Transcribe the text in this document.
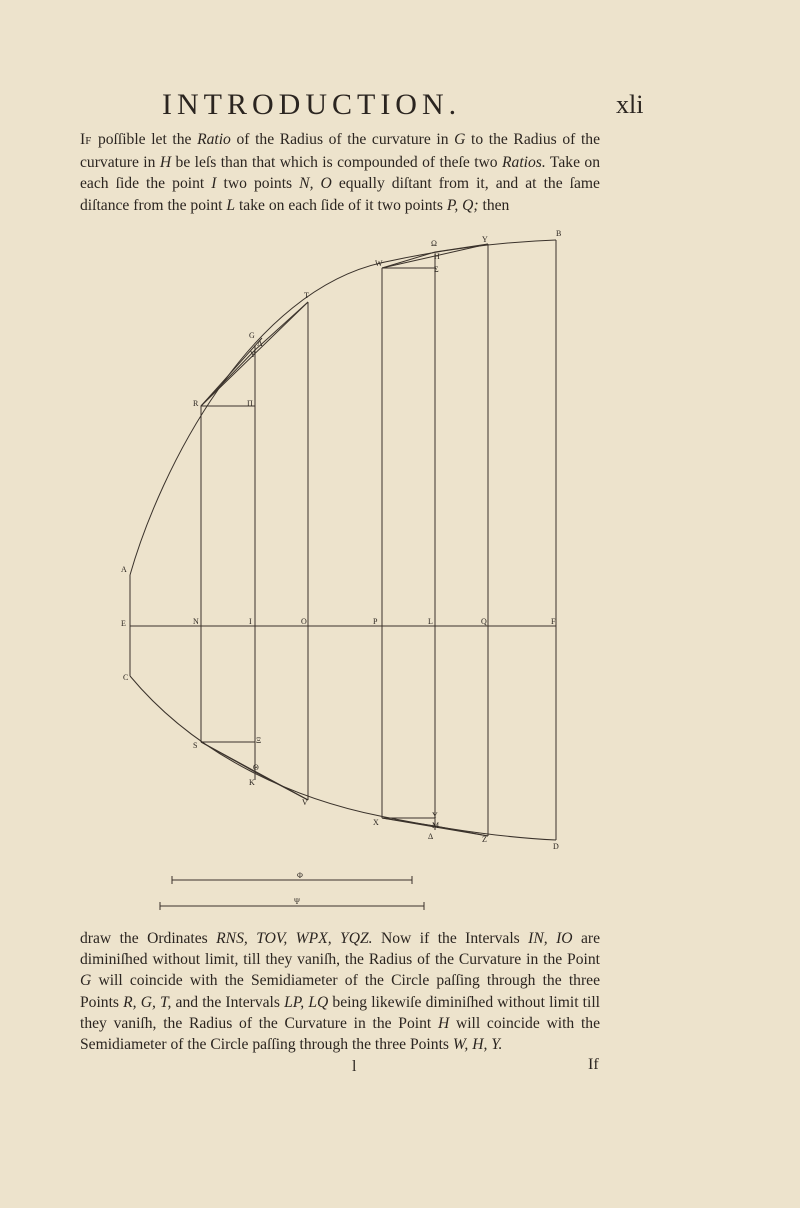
INTRODUCTION.	xli

IF poſſible let the Ratio of the Radius of the curvature in G to the Radius of the curvature in H be leſs than that which is compounded of theſe two Ratios. Take on each ſide the point I two points N, O equally diſtant from it, and at the ſame diſtance from the point L take on each ſide of it two points P, Q; then

B
A
E
C
F
D
N	I	O	P	L	Q
R	Π
G
Λ
Υ
T
W
Ω
H
Σ
Y
S
Ξ
Θ
K
V
X
Υ
M
Δ	Z
Φ
Ψ

draw the Ordinates RNS, TOV, WPX, YQZ. Now if the Intervals IN, IO are diminiſhed without limit, till they vaniſh, the Radius of the Curvature in the Point G will coincide with the Semidiameter of the Circle paſſing through the three Points R, G, T, and the Intervals LP, LQ being likewiſe diminiſhed without limit till they vaniſh, the Radius of the Curvature in the Point H will coincide with the Semidiameter of the Circle paſſing through the three Points W, H, Y.

l	If
